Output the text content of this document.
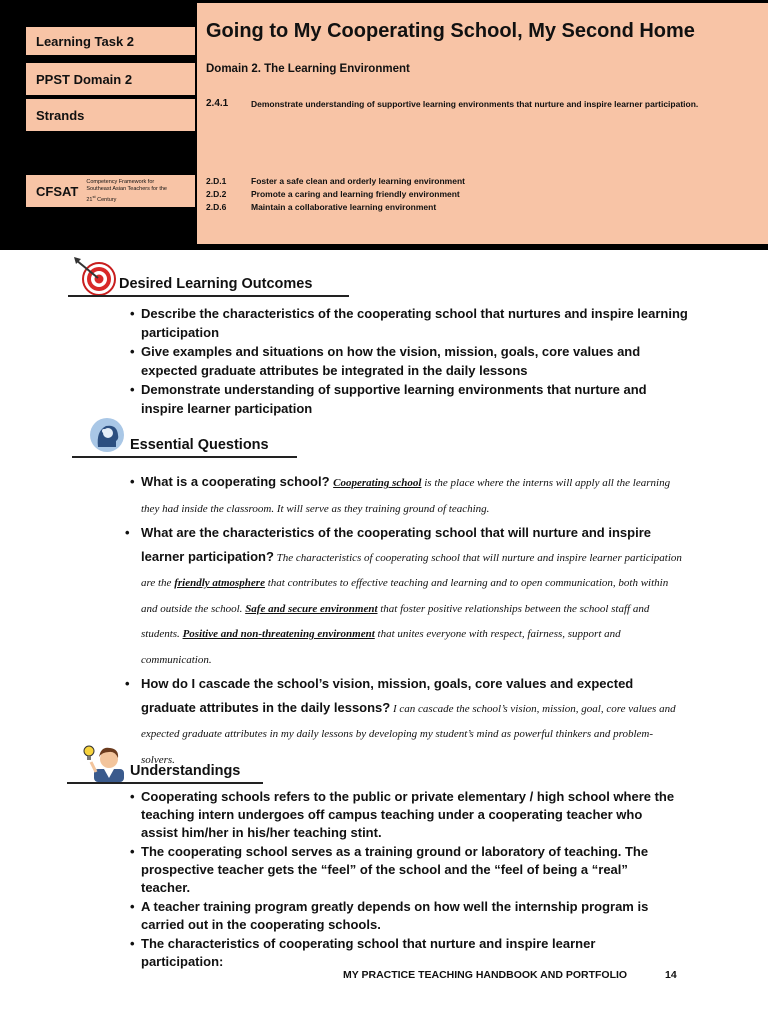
Learning Task 2
PPST Domain 2
Strands
CFSAT
Competency Framework for
Southeast Asian Teachers for the
21st Century
Going to My Cooperating School, My Second Home
Domain 2. The Learning Environment
2.4.1	Demonstrate understanding of supportive learning environments that nurture and inspire learner participation.
2.D.1	Foster a safe clean and orderly learning environment
2.D.2	Promote a caring and learning friendly environment
2.D.6	Maintain a collaborative learning environment
Desired Learning Outcomes
• Describe the characteristics of the cooperating school that nurtures and inspire learning participation
• Give examples and situations on how the vision, mission, goals, core values and expected graduate attributes be integrated in the daily lessons
• Demonstrate understanding of supportive learning environments that nurture and inspire learner participation
Essential Questions
• What is a cooperating school? Cooperating school is the place where the interns will apply all the learning they had inside the classroom. It will serve as they training ground of teaching.
• What are the characteristics of the cooperating school that will nurture and inspire learner participation? The characteristics of cooperating school that will nurture and inspire learner participation are the friendly atmosphere that contributes to effective teaching and learning and to open communication, both within and outside the school. Safe and secure environment that foster positive relationships between the school staff and students. Positive and non-threatening environment that unites everyone with respect, fairness, support and communication.
• How do I cascade the school’s vision, mission, goals, core values and expected graduate attributes in the daily lessons? I can cascade the school’s vision, mission, goal, core values and expected graduate attributes in my daily lessons by developing my student’s mind as powerful thinkers and problem-solvers.
Understandings
• Cooperating schools refers to the public or private elementary / high school where the teaching intern undergoes off campus teaching under a cooperating teacher who assist him/her in his/her teaching stint.
• The cooperating school serves as a training ground or laboratory of teaching. The prospective teacher gets the “feel” of the school and the “feel of being a “real” teacher.
• A teacher training program greatly depends on how well the internship program is carried out in the cooperating schools.
• The characteristics of cooperating school that nurture and inspire learner participation:
MY PRACTICE TEACHING HANDBOOK AND PORTFOLIO	14
